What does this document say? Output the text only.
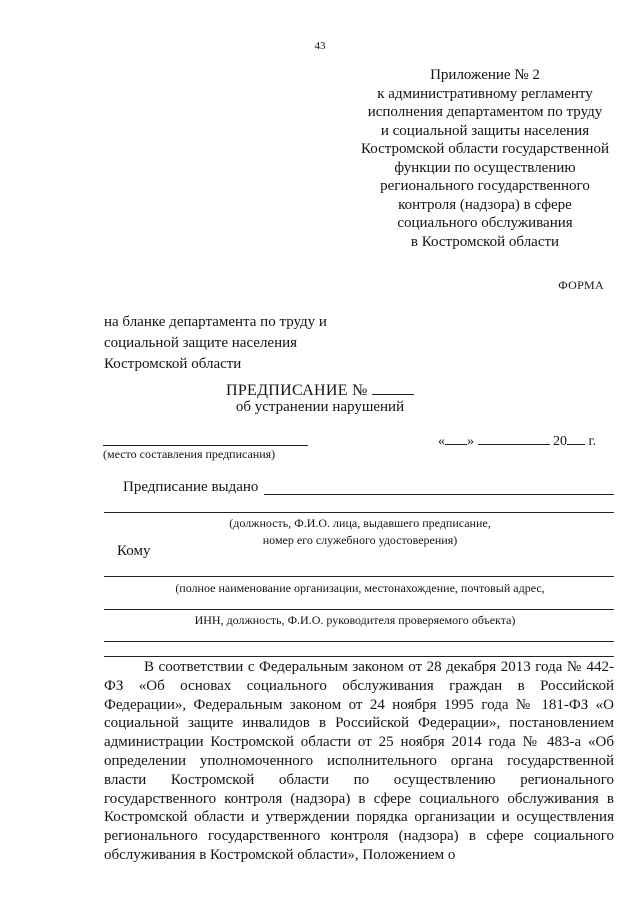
43
Приложение № 2
к административному регламенту
исполнения департаментом по труду
и социальной защиты населения
Костромской области государственной
функции по осуществлению
регионального государственного
контроля (надзора) в сфере
социального обслуживания
в Костромской области
ФОРМА
на бланке департамента по труду и
социальной защите населения
Костромской области
ПРЕДПИСАНИЕ №
об устранении нарушений
(место составления предписания)
« »	20 г.
Предписание выдано
(должность, Ф.И.О. лица, выдавшего предписание,
номер его служебного удостоверения)
Кому
(полное наименование организации, местонахождение, почтовый адрес,
ИНН, должность, Ф.И.О. руководителя проверяемого объекта)
В соответствии с Федеральным законом от 28 декабря 2013 года № 442-ФЗ «Об основах социального обслуживания граждан в Российской Федерации», Федеральным законом от 24 ноября 1995 года № 181-ФЗ «О социальной защите инвалидов в Российской Федерации», постановлением администрации Костромской области от 25 ноября 2014 года № 483-а «Об определении уполномоченного исполнительного органа государственной власти Костромской области по осуществлению регионального государственного контроля (надзора) в сфере социального обслуживания в Костромской области и утверждении порядка организации и осуществления регионального государственного контроля (надзора) в сфере социального обслуживания в Костромской области», Положением о
